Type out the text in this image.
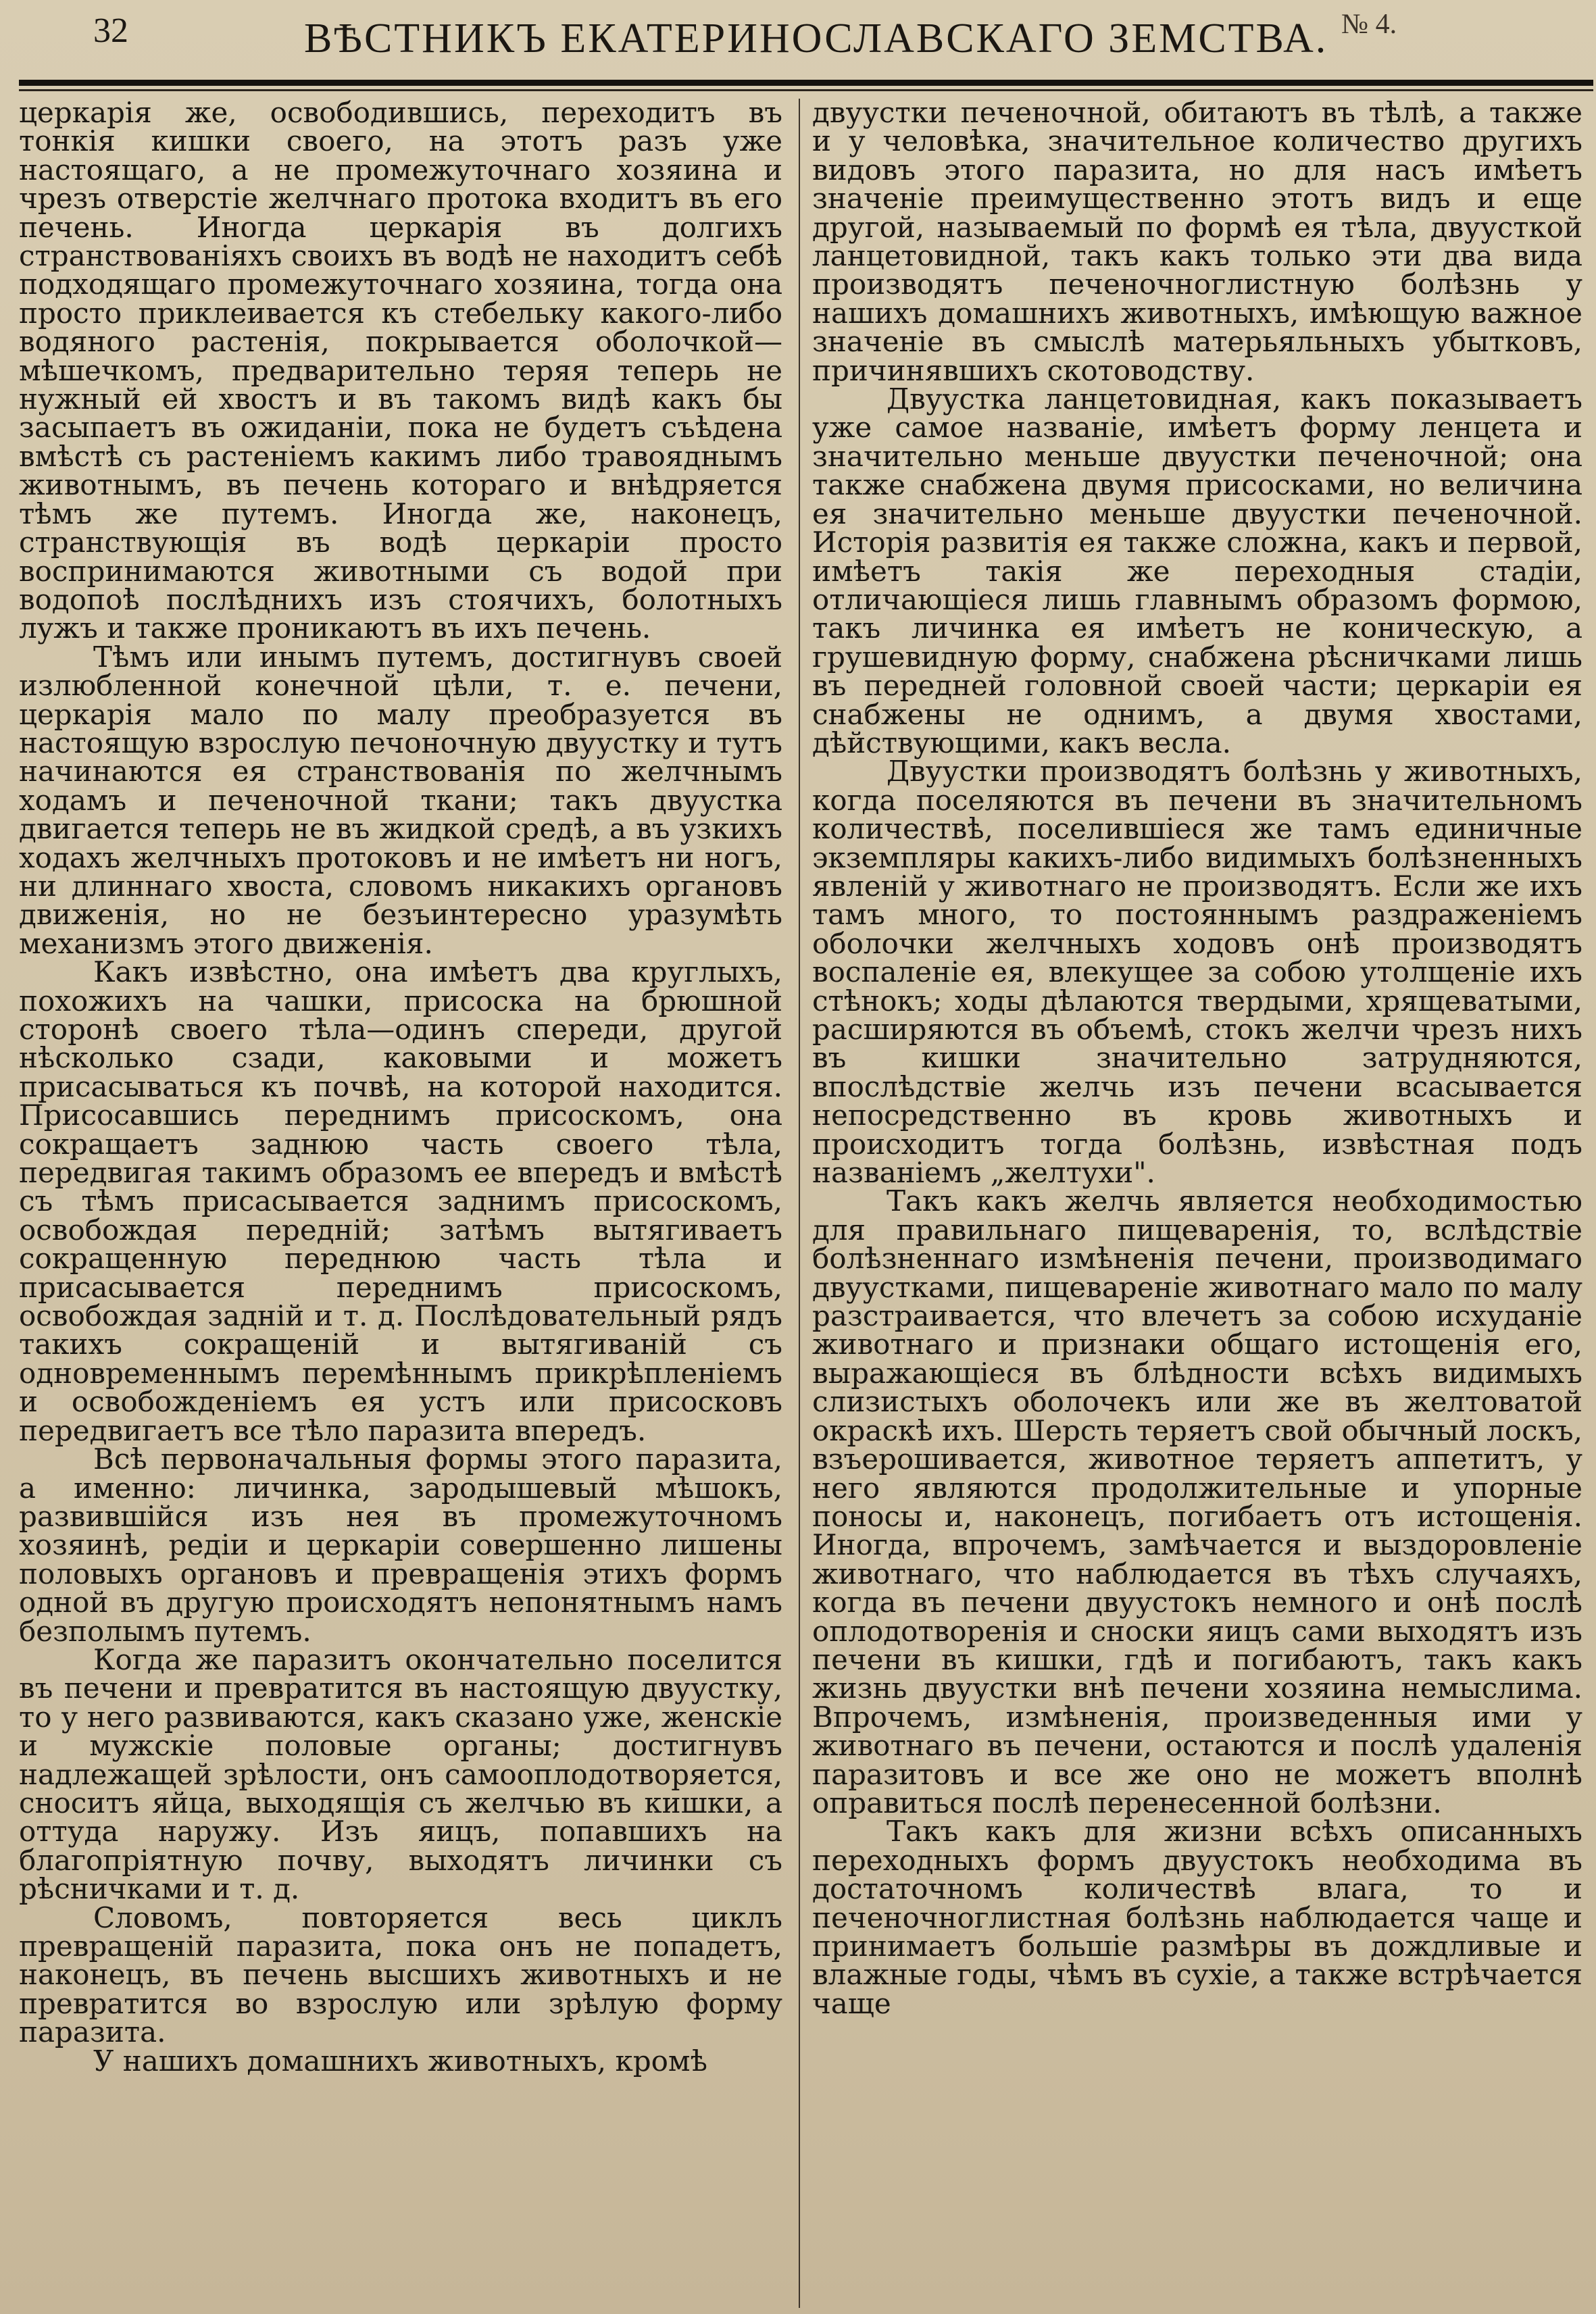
32	ВѢСТНИКЪ ЕКАТЕРИНОСЛАВСКАГО ЗЕМСТВА. № 4.

церкарія же, освободившись, переходитъ въ тонкія кишки своего, на этотъ разъ уже настоящаго, а не промежуточнаго хозяина и чрезъ отверстіе желчнаго протока входитъ въ его печень. Иногда церкарія въ долгихъ странствованіяхъ своихъ въ водѣ не находитъ себѣ подходящаго промежуточнаго хозяина, тогда она просто приклеивается къ стебельку какого-либо водяного растенія, покрывается оболочкой—мѣшечкомъ, предварительно теряя теперь не нужный ей хвостъ и въ такомъ видѣ какъ бы засыпаетъ въ ожиданіи, пока не будетъ съѣдена вмѣстѣ съ растеніемъ какимъ либо травояднымъ животнымъ, въ печень котораго и внѣдряется тѣмъ же путемъ. Иногда же, наконецъ, странствующія въ водѣ церкаріи просто воспринимаются животными съ водой при водопоѣ послѣднихъ изъ стоячихъ, болотныхъ лужъ и также проникаютъ въ ихъ печень.

Тѣмъ или инымъ путемъ, достигнувъ своей излюбленной конечной цѣли, т. е. печени, церкарія мало по малу преобразуется въ настоящую взрослую печоночную двуустку и тутъ начинаются ея странствованія по желчнымъ ходамъ и печеночной ткани; такъ двуустка двигается теперь не въ жидкой средѣ, а въ узкихъ ходахъ желчныхъ протоковъ и не имѣетъ ни ногъ, ни длиннаго хвоста, словомъ никакихъ органовъ движенія, но не безъинтересно уразумѣть механизмъ этого движенія.

Какъ извѣстно, она имѣетъ два круглыхъ, похожихъ на чашки, присоска на брюшной сторонѣ своего тѣла—одинъ спереди, другой нѣсколько сзади, каковыми и можетъ присасываться къ почвѣ, на которой находится. Присосавшись переднимъ присоскомъ, она сокращаетъ заднюю часть своего тѣла, передвигая такимъ образомъ ее впередъ и вмѣстѣ съ тѣмъ присасывается заднимъ присоскомъ, освобождая передній; затѣмъ вытягиваетъ сокращенную переднюю часть тѣла и присасывается переднимъ присоскомъ, освобождая задній и т. д. Послѣдовательный рядъ такихъ сокращеній и вытягиваній съ одновременнымъ перемѣннымъ прикрѣпленіемъ и освобожденіемъ ея устъ или присосковъ передвигаетъ все тѣло паразита впередъ.

Всѣ первоначальныя формы этого паразита, а именно: личинка, зародышевый мѣшокъ, развившійся изъ нея въ промежуточномъ хозяинѣ, редіи и церкаріи совершенно лишены половыхъ органовъ и превращенія этихъ формъ одной въ другую происходятъ непонятнымъ намъ безполымъ путемъ.

Когда же паразитъ окончательно поселится въ печени и превратится въ настоящую двуустку, то у него развиваются, какъ сказано уже, женскіе и мужскіе половые органы; достигнувъ надлежащей зрѣлости, онъ самооплодотворяется, сноситъ яйца, выходящія съ желчью въ кишки, а оттуда наружу. Изъ яицъ, попавшихъ на благопріятную почву, выходятъ личинки съ рѣсничками и т. д.

Словомъ, повторяется весь циклъ превращеній паразита, пока онъ не попадетъ, наконецъ, въ печень высшихъ животныхъ и не превратится во взрослую или зрѣлую форму паразита.

У нашихъ домашнихъ животныхъ, кромѣ

двуустки печеночной, обитаютъ въ тѣлѣ, а также и у человѣка, значительное количество другихъ видовъ этого паразита, но для насъ имѣетъ значеніе преимущественно этотъ видъ и еще другой, называемый по формѣ ея тѣла, двуусткой ланцетовидной, такъ какъ только эти два вида производятъ печеночноглистную болѣзнь у нашихъ домашнихъ животныхъ, имѣющую важное значеніе въ смыслѣ матерьяльныхъ убытковъ, причинявшихъ скотоводству.

Двуустка ланцетовидная, какъ показываетъ уже самое названіе, имѣетъ форму ленцета и значительно меньше двуустки печеночной; она также снабжена двумя присосками, но величина ея значительно меньше двуустки печеночной. Исторія развитія ея также сложна, какъ и первой, имѣетъ такія же переходныя стадіи, отличающіеся лишь главнымъ образомъ формою, такъ личинка ея имѣетъ не коническую, а грушевидную форму, снабжена рѣсничками лишь въ передней головной своей части; церкаріи ея снабжены не однимъ, а двумя хвостами, дѣйствующими, какъ весла.

Двуустки производятъ болѣзнь у животныхъ, когда поселяются въ печени въ значительномъ количествѣ, поселившіеся же тамъ единичные экземпляры какихъ-либо видимыхъ болѣзненныхъ явленій у животнаго не производятъ. Если же ихъ тамъ много, то постояннымъ раздраженіемъ оболочки желчныхъ ходовъ онѣ производятъ воспаленіе ея, влекущее за собою утолщеніе ихъ стѣнокъ; ходы дѣлаются твердыми, хрящеватыми, расширяются въ объемѣ, стокъ желчи чрезъ нихъ въ кишки значительно затрудняются, впослѣдствіе желчь изъ печени всасывается непосредственно въ кровь животныхъ и происходитъ тогда болѣзнь, извѣстная подъ названіемъ „желтухи".

Такъ какъ желчь является необходимостью для правильнаго пищеваренія, то, вслѣдствіе болѣзненнаго измѣненія печени, производимаго двуустками, пищевареніе животнаго мало по малу разстраивается, что влечетъ за собою исхуданіе животнаго и признаки общаго истощенія его, выражающіеся въ блѣдности всѣхъ видимыхъ слизистыхъ оболочекъ или же въ желтоватой окраскѣ ихъ. Шерсть теряетъ свой обычный лоскъ, взъерошивается, животное теряетъ аппетитъ, у него являются продолжительные и упорные поносы и, наконецъ, погибаетъ отъ истощенія. Иногда, впрочемъ, замѣчается и выздоровленіе животнаго, что наблюдается въ тѣхъ случаяхъ, когда въ печени двуустокъ немного и онѣ послѣ оплодотворенія и сноски яицъ сами выходятъ изъ печени въ кишки, гдѣ и погибаютъ, такъ какъ жизнь двуустки внѣ печени хозяина немыслима. Впрочемъ, измѣненія, произведенныя ими у животнаго въ печени, остаются и послѣ удаленія паразитовъ и все же оно не можетъ вполнѣ оправиться послѣ перенесенной болѣзни.

Такъ какъ для жизни всѣхъ описанныхъ переходныхъ формъ двуустокъ необходима въ достаточномъ количествѣ влага, то и печеночноглистная болѣзнь наблюдается чаще и принимаетъ большіе размѣры въ дождливые и влажные годы, чѣмъ въ сухіе, а также встрѣчается чаще
